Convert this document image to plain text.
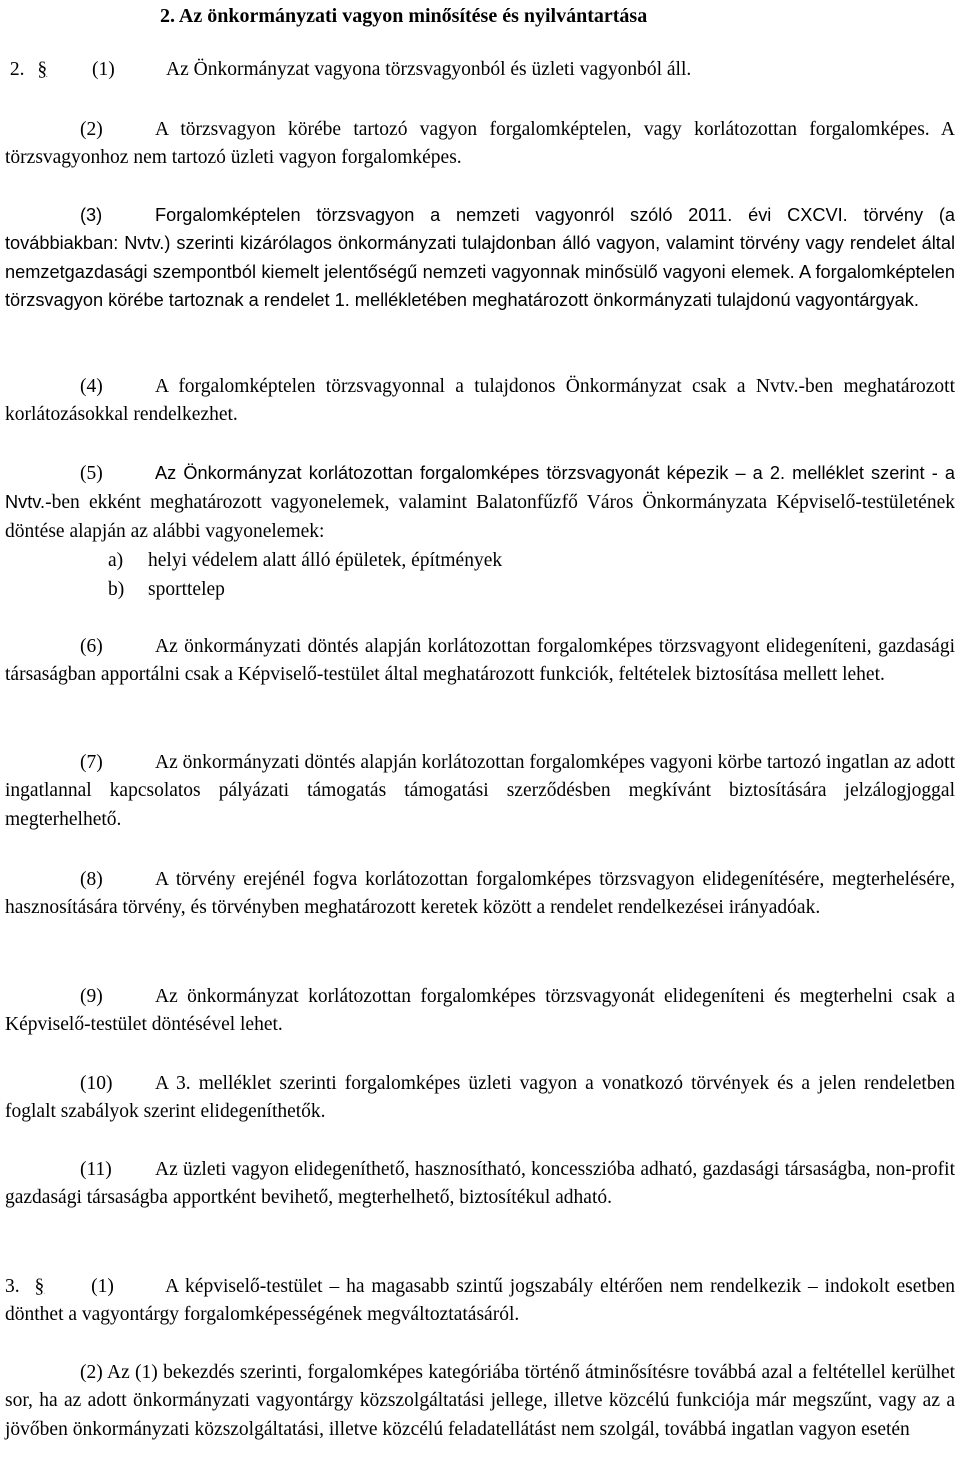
2. Az önkormányzati vagyon minősítése és nyilvántartása
2. § (1)	Az Önkormányzat vagyona törzsvagyonból és üzleti vagyonból áll.
(2)	A törzsvagyon körébe tartozó vagyon forgalomképtelen, vagy korlátozottan forgalomképes. A törzsvagyonhoz nem tartozó üzleti vagyon forgalomképes.
(3)	Forgalomképtelen törzsvagyon a nemzeti vagyonról szóló 2011. évi CXCVI. törvény (a továbbiakban: Nvtv.) szerinti kizárólagos önkormányzati tulajdonban álló vagyon, valamint törvény vagy rendelet által nemzetgazdasági szempontból kiemelt jelentőségű nemzeti vagyonnak minősülő vagyoni elemek. A forgalomképtelen törzsvagyon körébe tartoznak a rendelet 1. mellékletében meghatározott önkormányzati tulajdonú vagyontárgyak.
(4)	A forgalomképtelen törzsvagyonnal a tulajdonos Önkormányzat csak a Nvtv.-ben meghatározott korlátozásokkal rendelkezhet.
(5)	Az Önkormányzat korlátozottan forgalomképes törzsvagyonát képezik – a 2. melléklet szerint - a Nvtv.-ben ekként meghatározott vagyonelemek, valamint Balatonfűzfő Város Önkormányzata Képviselő-testületének döntése alapján az alábbi vagyonelemek:
a) helyi védelem alatt álló épületek, építmények
b) sporttelep
(6)	Az önkormányzati döntés alapján korlátozottan forgalomképes törzsvagyont elidegeníteni, gazdasági társaságban apportálni csak a Képviselő-testület által meghatározott funkciók, feltételek biztosítása mellett lehet.
(7)	Az önkormányzati döntés alapján korlátozottan forgalomképes vagyoni körbe tartozó ingatlan az adott ingatlannal kapcsolatos pályázati támogatás támogatási szerződésben megkívánt biztosítására jelzálogjoggal megterhelhető.
(8)	A törvény erejénél fogva korlátozottan forgalomképes törzsvagyon elidegenítésére, megterhelésére, hasznosítására törvény, és törvényben meghatározott keretek között a rendelet rendelkezései irányadóak.
(9)	Az önkormányzat korlátozottan forgalomképes törzsvagyonát elidegeníteni és megterhelni csak a Képviselő-testület döntésével lehet.
(10) A 3. melléklet szerinti forgalomképes üzleti vagyon a vonatkozó törvények és a jelen rendeletben foglalt szabályok szerint elidegeníthetők.
(11) Az üzleti vagyon elidegeníthető, hasznosítható, koncesszióba adható, gazdasági társaságba, non-profit gazdasági társaságba apportként bevihető, megterhelhető, biztosítékul adható.
3. § (1)	A képviselő-testület – ha magasabb szintű jogszabály eltérően nem rendelkezik – indokolt esetben dönthet a vagyontárgy forgalomképességének megváltoztatásáról.
(2) Az (1) bekezdés szerinti, forgalomképes kategóriába történő átminősítésre továbbá azal a feltétellel kerülhet sor, ha az adott önkormányzati vagyontárgy közszolgáltatási jellege, illetve közcélú funkciója már megszűnt, vagy az a jövőben önkormányzati közszolgáltatási, illetve közcélú feladatellátást nem szolgál, továbbá ingatlan vagyon esetén
